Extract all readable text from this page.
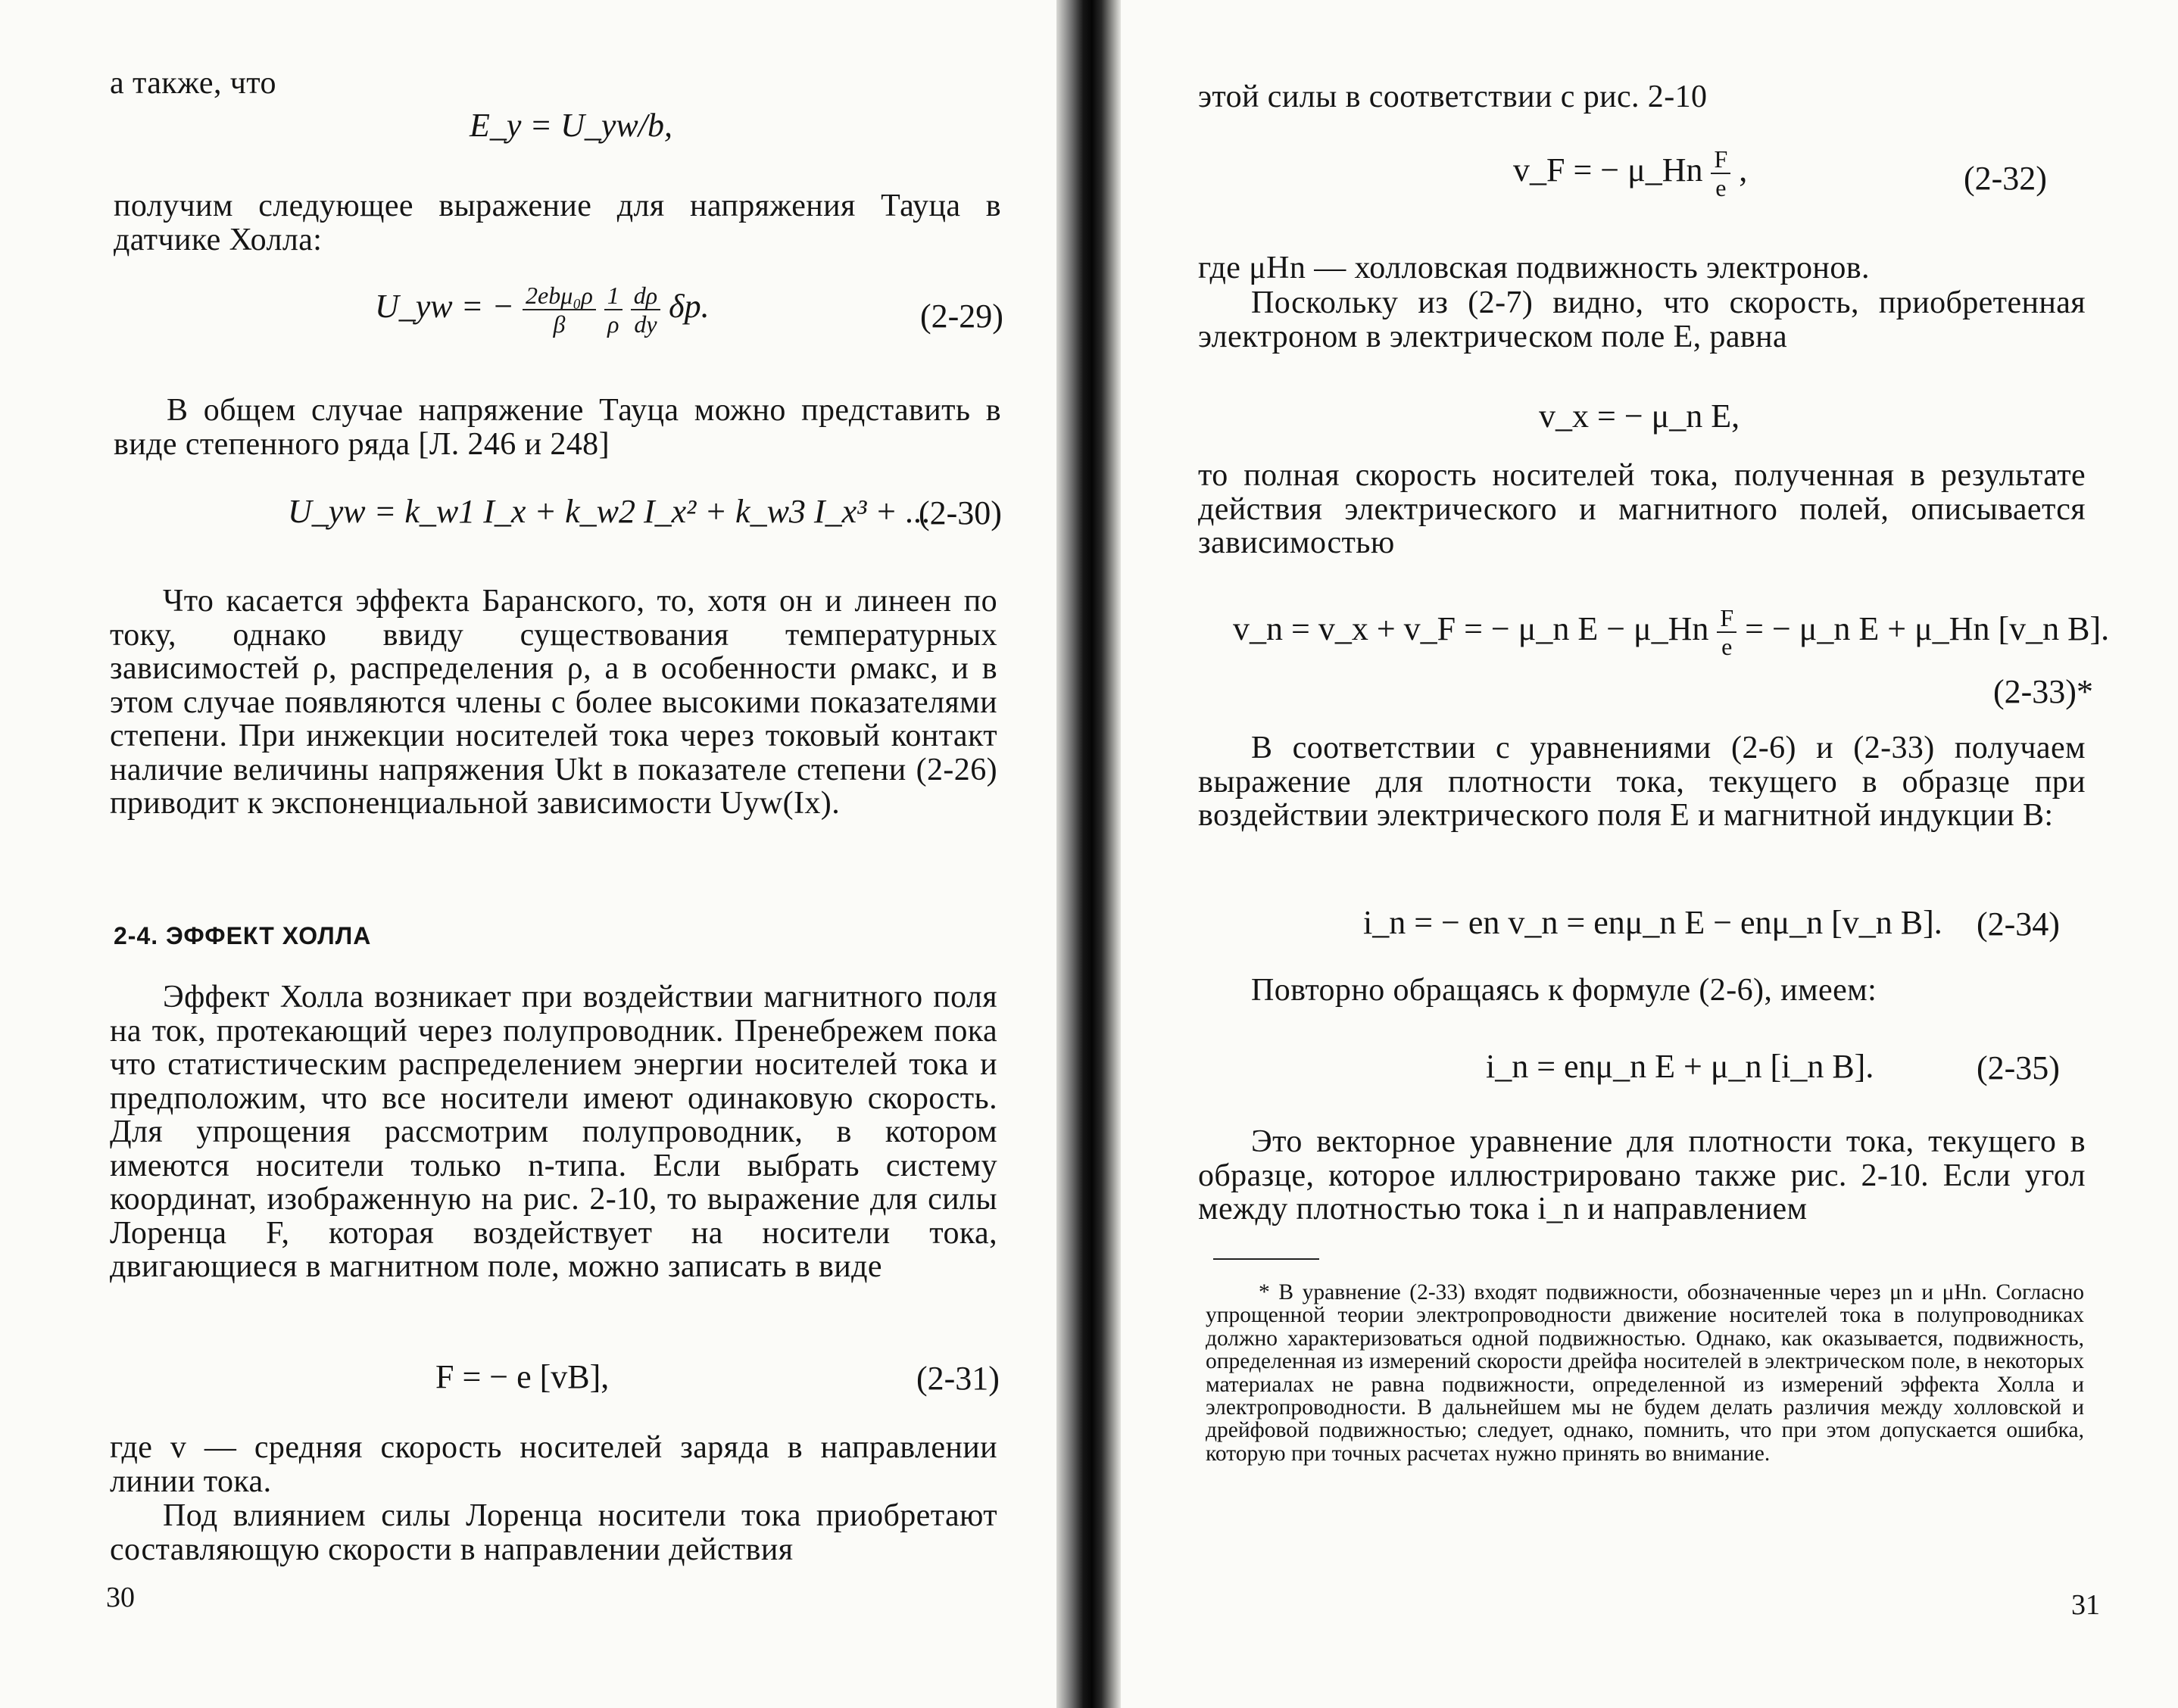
а также, что
E_y = U_yw/b,
получим следующее выражение для напряжения Тауца в датчике Холла:
U_yw = − $\frac{\text{2ebμ₀ρ}}{\beta}$
$\frac{1}{\rho}$
$\frac{d\rho}{dy} \delta p$.	(2-29)
В общем случае напряжение Тауца можно представить в виде степенного ряда [Л. 246 и 248]
U_yw = k_w1 I_x + k_w2 I_x² + k_w3 I_x³ + ...
(2-30)
Что касается эффекта Баранского, то, хотя он и линеен по току, однако ввиду существования температурных зависимостей ρ, распределения ρ, а в особенности ρмакс, и в этом случае появляются члены с более высокими показателями степени. При инжекции носителей тока через токовый контакт наличие величины напряжения Ukt в показателе степени (2-26) приводит к экспоненциальной зависимости Uyw(Ix).
2-4. ЭФФЕКТ ХОЛЛА
Эффект Холла возникает при воздействии магнитного поля на ток, протекающий через полупроводник. Пренебрежем пока что статистическим распределением энергии носителей тока и предположим, что все носители имеют одинаковую скорость. Для упрощения рассмотрим полупроводник, в котором имеются носители только n-типа. Если выбрать систему координат, изображенную на рис. 2-10, то выражение для силы Лоренца F, которая воздействует на носители тока, двигающиеся в магнитном поле, можно записать в виде
F = − e [vB],	(2-31)
где v — средняя скорость носителей заряда в направлении линии тока.
Под влиянием силы Лоренца носители тока приобретают составляющую скорости в направлении действия
30
этой силы в соответствии с рис. 2-10
v_F = − μ_Hn $\frac{F}{e}$ ,	(2-32)
где μHn — холловская подвижность электронов.
Поскольку из (2-7) видно, что скорость, приобретенная электроном в электрическом поле E, равна
v_x = − μ_n E,
то полная скорость носителей тока, полученная в результате действия электрического и магнитного полей, описывается зависимостью
v_n = v_x + v_F = − μ_n E − μ_Hn $\frac{F}{e}$ = − μ_n E + μ_Hn [v_n B].
(2-33)*
В соответствии с уравнениями (2-6) и (2-33) получаем выражение для плотности тока, текущего в образце при воздействии электрического поля E и магнитной индукции B:
i_n = − en v_n = enμ_n E − enμ_n [v_n B]. (2-34)
Повторно обращаясь к формуле (2-6), имеем:
i_n = enμ_n E + μ_n [i_n B].	(2-35)
Это векторное уравнение для плотности тока, текущего в образце, которое иллюстрировано также рис. 2-10. Если угол между плотностью тока i_n и направлением
* В уравнение (2-33) входят подвижности, обозначенные через μn и μHn. Согласно упрощенной теории электропроводности движение носителей тока в полупроводниках должно характеризоваться одной подвижностью. Однако, как оказывается, подвижность, определенная из измерений скорости дрейфа носителей в электрическом поле, в некоторых материалах не равна подвижности, определенной из измерений эффекта Холла и электропроводности. В дальнейшем мы не будем делать различия между холловской и дрейфовой подвижностью; следует, однако, помнить, что при этом допускается ошибка, которую при точных расчетах нужно принять во внимание.
31
